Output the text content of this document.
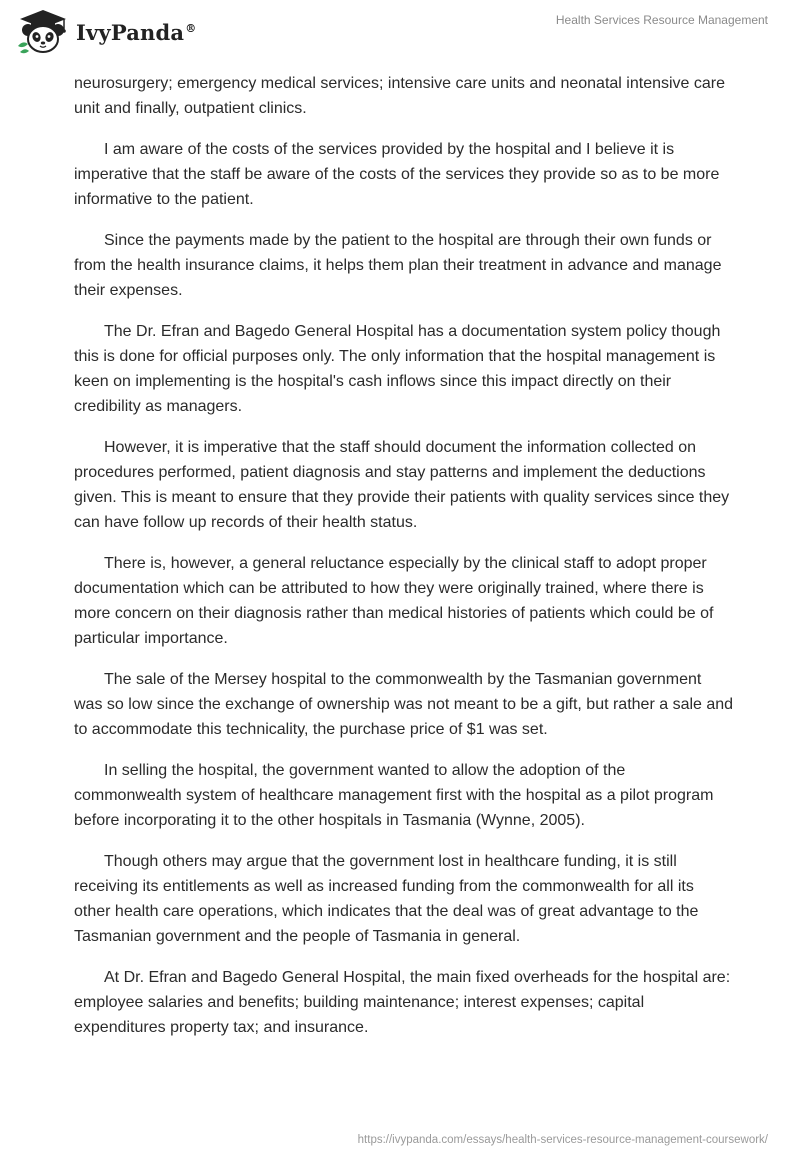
IvyPanda®
Health Services Resource Management

neurosurgery; emergency medical services; intensive care units and neonatal intensive care unit and finally, outpatient clinics.

I am aware of the costs of the services provided by the hospital and I believe it is imperative that the staff be aware of the costs of the services they provide so as to be more informative to the patient.

Since the payments made by the patient to the hospital are through their own funds or from the health insurance claims, it helps them plan their treatment in advance and manage their expenses.

The Dr. Efran and Bagedo General Hospital has a documentation system policy though this is done for official purposes only. The only information that the hospital management is keen on implementing is the hospital's cash inflows since this impact directly on their credibility as managers.

However, it is imperative that the staff should document the information collected on procedures performed, patient diagnosis and stay patterns and implement the deductions given. This is meant to ensure that they provide their patients with quality services since they can have follow up records of their health status.

There is, however, a general reluctance especially by the clinical staff to adopt proper documentation which can be attributed to how they were originally trained, where there is more concern on their diagnosis rather than medical histories of patients which could be of particular importance.

The sale of the Mersey hospital to the commonwealth by the Tasmanian government was so low since the exchange of ownership was not meant to be a gift, but rather a sale and to accommodate this technicality, the purchase price of $1 was set.

In selling the hospital, the government wanted to allow the adoption of the commonwealth system of healthcare management first with the hospital as a pilot program before incorporating it to the other hospitals in Tasmania (Wynne, 2005).

Though others may argue that the government lost in healthcare funding, it is still receiving its entitlements as well as increased funding from the commonwealth for all its other health care operations, which indicates that the deal was of great advantage to the Tasmanian government and the people of Tasmania in general.

At Dr. Efran and Bagedo General Hospital, the main fixed overheads for the hospital are: employee salaries and benefits; building maintenance; interest expenses; capital expenditures property tax; and insurance.

https://ivypanda.com/essays/health-services-resource-management-coursework/
